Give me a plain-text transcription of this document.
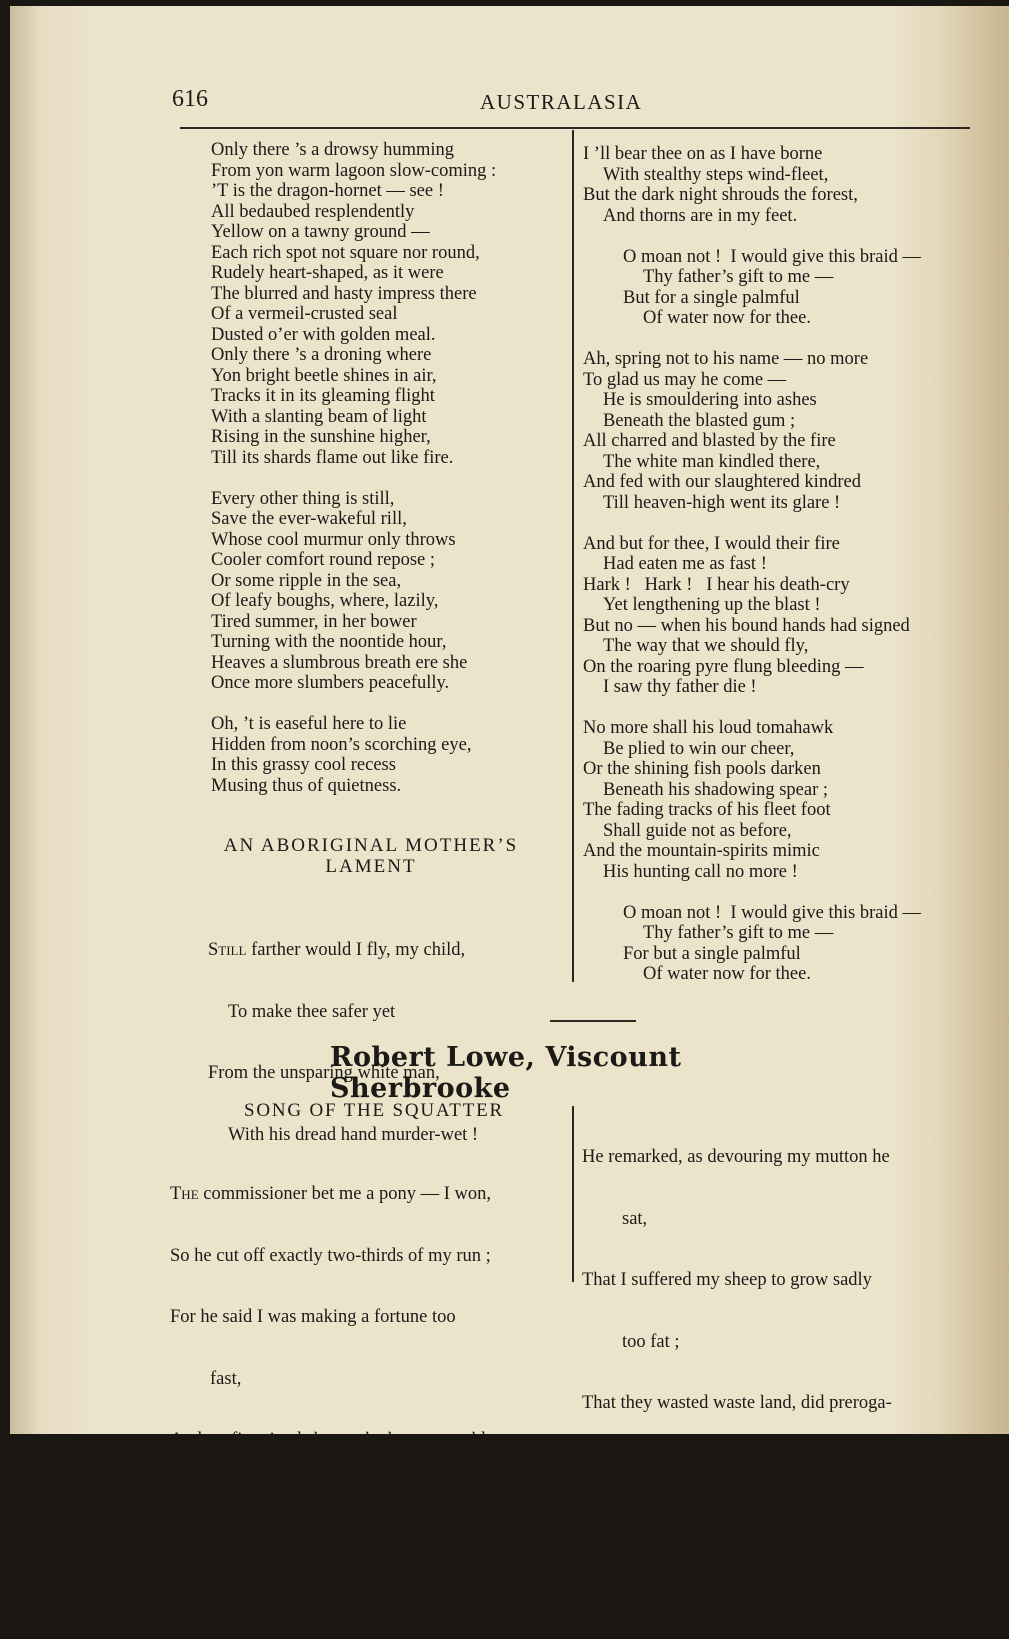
616	AUSTRALASIA
Only there ’s a drowsy humming
From yon warm lagoon slow-coming :
’T is the dragon-hornet — see !
All bedaubed resplendently
Yellow on a tawny ground —
Each rich spot not square nor round,
Rudely heart-shaped, as it were
The blurred and hasty impress there
Of a vermeil-crusted seal
Dusted o’er with golden meal.
Only there ’s a droning where
Yon bright beetle shines in air,
Tracks it in its gleaming flight
With a slanting beam of light
Rising in the sunshine higher,
Till its shards flame out like fire.
Every other thing is still,
Save the ever-wakeful rill,
Whose cool murmur only throws
Cooler comfort round repose ;
Or some ripple in the sea,
Of leafy boughs, where, lazily,
Tired summer, in her bower
Turning with the noontide hour,
Heaves a slumbrous breath ere she
Once more slumbers peacefully.
Oh, ’t is easeful here to lie
Hidden from noon’s scorching eye,
In this grassy cool recess
Musing thus of quietness.
I ’ll bear thee on as I have borne
With stealthy steps wind-fleet,
But the dark night shrouds the forest,
And thorns are in my feet.
O moan not !  I would give this braid —
Thy father’s gift to me —
But for a single palmful
Of water now for thee.
Ah, spring not to his name — no more
To glad us may he come —
He is smouldering into ashes
Beneath the blasted gum ;
All charred and blasted by the fire
The white man kindled there,
And fed with our slaughtered kindred
Till heaven-high went its glare !
And but for thee, I would their fire
Had eaten me as fast !
Hark !   Hark !   I hear his death-cry
Yet lengthening up the blast !
But no — when his bound hands had signed
The way that we should fly,
On the roaring pyre flung bleeding —
I saw thy father die !
No more shall his loud tomahawk
Be plied to win our cheer,
Or the shining fish pools darken
Beneath his shadowing spear ;
The fading tracks of his fleet foot
Shall guide not as before,
And the mountain-spirits mimic
His hunting call no more !
O moan not !  I would give this braid —
Thy father’s gift to me —
For but a single palmful
Of water now for thee.
AN ABORIGINAL MOTHER’S
LAMENT

Still farther would I fly, my child,

To make thee safer yet

From the unsparing white man,

With his dread hand murder-wet !

Robert Lowe, Viscount Sherbrooke
SONG OF THE SQUATTER

The commissioner bet me a pony — I won,

So he cut off exactly two-thirds of my run ;

For he said I was making a fortune too

fast,

And profit gained slower the longer would

last.

He remarked, as devouring my mutton he

sat,

That I suffered my sheep to grow sadly

too fat ;

That they wasted waste land, did preroga-

tive brown,

And rebelliously nibbled the droits of the

Crown ;
